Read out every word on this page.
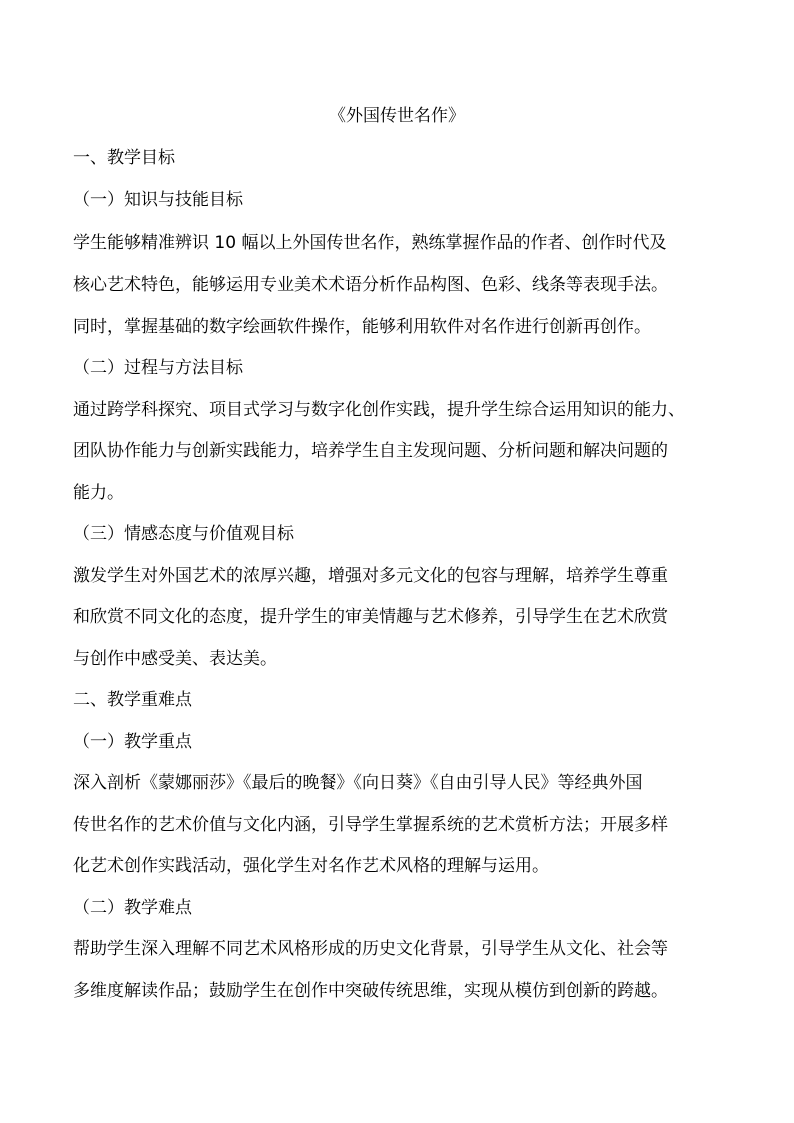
《外国传世名作》
一、教学目标
（一）知识与技能目标
学生能够精准辨识 10 幅以上外国传世名作，熟练掌握作品的作者、创作时代及
核心艺术特色，能够运用专业美术术语分析作品构图、色彩、线条等表现手法。
同时，掌握基础的数字绘画软件操作，能够利用软件对名作进行创新再创作。
（二）过程与方法目标
通过跨学科探究、项目式学习与数字化创作实践，提升学生综合运用知识的能力、
团队协作能力与创新实践能力，培养学生自主发现问题、分析问题和解决问题的
能力。
（三）情感态度与价值观目标
激发学生对外国艺术的浓厚兴趣，增强对多元文化的包容与理解，培养学生尊重
和欣赏不同文化的态度，提升学生的审美情趣与艺术修养，引导学生在艺术欣赏
与创作中感受美、表达美。
二、教学重难点
（一）教学重点
深入剖析《蒙娜丽莎》《最后的晚餐》《向日葵》《自由引导人民》等经典外国
传世名作的艺术价值与文化内涵，引导学生掌握系统的艺术赏析方法；开展多样
化艺术创作实践活动，强化学生对名作艺术风格的理解与运用。
（二）教学难点
帮助学生深入理解不同艺术风格形成的历史文化背景，引导学生从文化、社会等
多维度解读作品；鼓励学生在创作中突破传统思维，实现从模仿到创新的跨越。
